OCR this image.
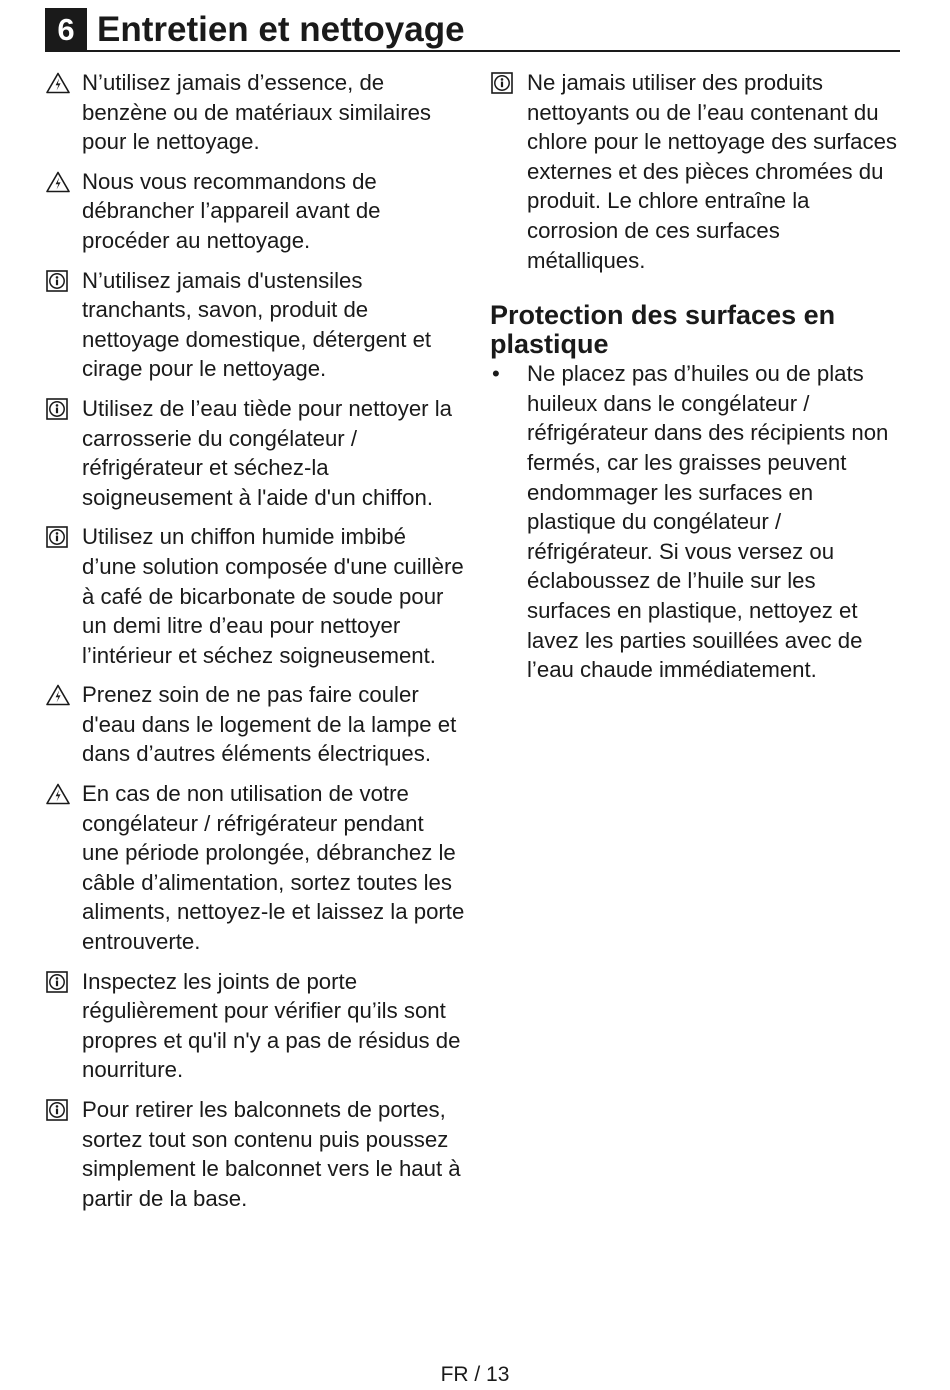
6 Entretien et nettoyage
N’utilisez jamais d’essence, de benzène ou de matériaux similaires pour le nettoyage.
Nous vous recommandons de débrancher l’appareil avant de procéder au nettoyage.
N’utilisez jamais d'ustensiles tranchants, savon, produit de nettoyage domestique, détergent et cirage pour le nettoyage.
Utilisez de l’eau tiède pour nettoyer la carrosserie du congélateur / réfrigérateur et séchez-la soigneusement à l'aide d'un chiffon.
Utilisez un chiffon humide imbibé d’une solution composée d'une cuillère à café de bicarbonate de soude pour un demi litre d’eau pour nettoyer l’intérieur et séchez soigneusement.
Prenez soin de ne pas faire couler d'eau dans le logement de la lampe et dans d’autres éléments électriques.
En cas de non utilisation de votre congélateur / réfrigérateur pendant une période prolongée, débranchez le câble d’alimentation, sortez toutes les aliments, nettoyez-le et laissez la porte entrouverte.
Inspectez les joints de porte régulièrement pour vérifier qu’ils sont propres et qu'il n'y a pas de résidus de nourriture.
Pour retirer les balconnets de portes, sortez tout son contenu puis poussez simplement le balconnet vers le haut à partir de la base.
Ne jamais utiliser des produits nettoyants ou de l’eau contenant du chlore pour le nettoyage des surfaces externes et des pièces chromées du produit. Le chlore entraîne la corrosion de ces surfaces métalliques.
Protection des surfaces en plastique
• Ne placez pas d’huiles ou de plats huileux dans le congélateur / réfrigérateur dans des récipients non fermés, car les graisses peuvent endommager les surfaces en plastique du congélateur / réfrigérateur. Si vous versez ou éclaboussez de l’huile sur les surfaces en plastique, nettoyez et lavez les parties souillées avec de l’eau chaude immédiatement.
FR / 13
